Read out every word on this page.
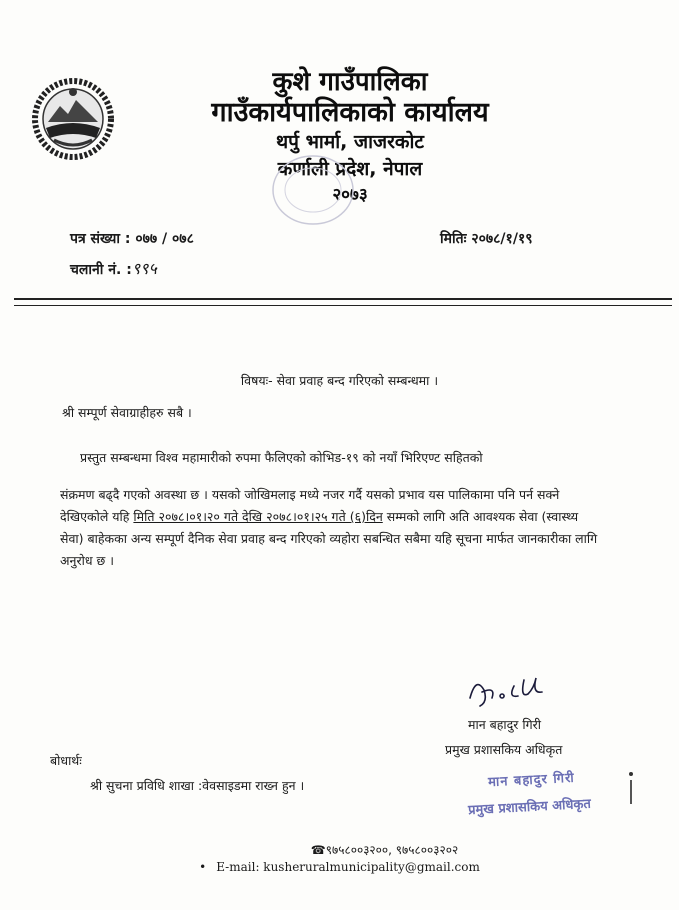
कुशे गाउँपालिका
गाउँकार्यपालिकाको कार्यालय
थर्पु भार्मा, जाजरकोट
कर्णाली प्रदेश, नेपाल
२०७३
पत्र संख्या : ०७७ / ०७८	मितिः २०७८/१/१९
चलानी नं. :९९५
विषयः- सेवा प्रवाह बन्द गरिएको सम्बन्धमा ।
श्री सम्पूर्ण सेवाग्राहीहरु सबै ।
प्रस्तुत सम्बन्धमा विश्व महामारीको रुपमा फैलिएको कोभिड-१९ को नयाँ भिरिएण्ट सहितको
संक्रमण बढ्दै गएको अवस्था छ । यसको जोखिमलाइ मध्ये नजर गर्दै यसको प्रभाव यस पालिकामा पनि पर्न सक्ने देखिएकोले यहि मिति २०७८।०१।२० गते देखि २०७८।०१।२५ गते (६)दिन सम्मको लागि अति आवश्यक सेवा (स्वास्थ्य सेवा) बाहेकका अन्य सम्पूर्ण दैनिक सेवा प्रवाह बन्द गरिएको व्यहोरा सबन्धित सबैमा यहि सूचना मार्फत जानकारीका लागि अनुरोध छ ।
मान बहादुर गिरी
प्रमुख प्रशासकिय अधिकृत
मान बहादुर गिरी
प्रमुख प्रशासकिय अधिकृत
बोधार्थः
श्री सुचना प्रविधि शाखा :वेवसाइडमा राख्न हुन ।
☎९७५८००३२००, ९७५८००३२०२
• E-mail: kusheruralmunicipality@gmail.com
